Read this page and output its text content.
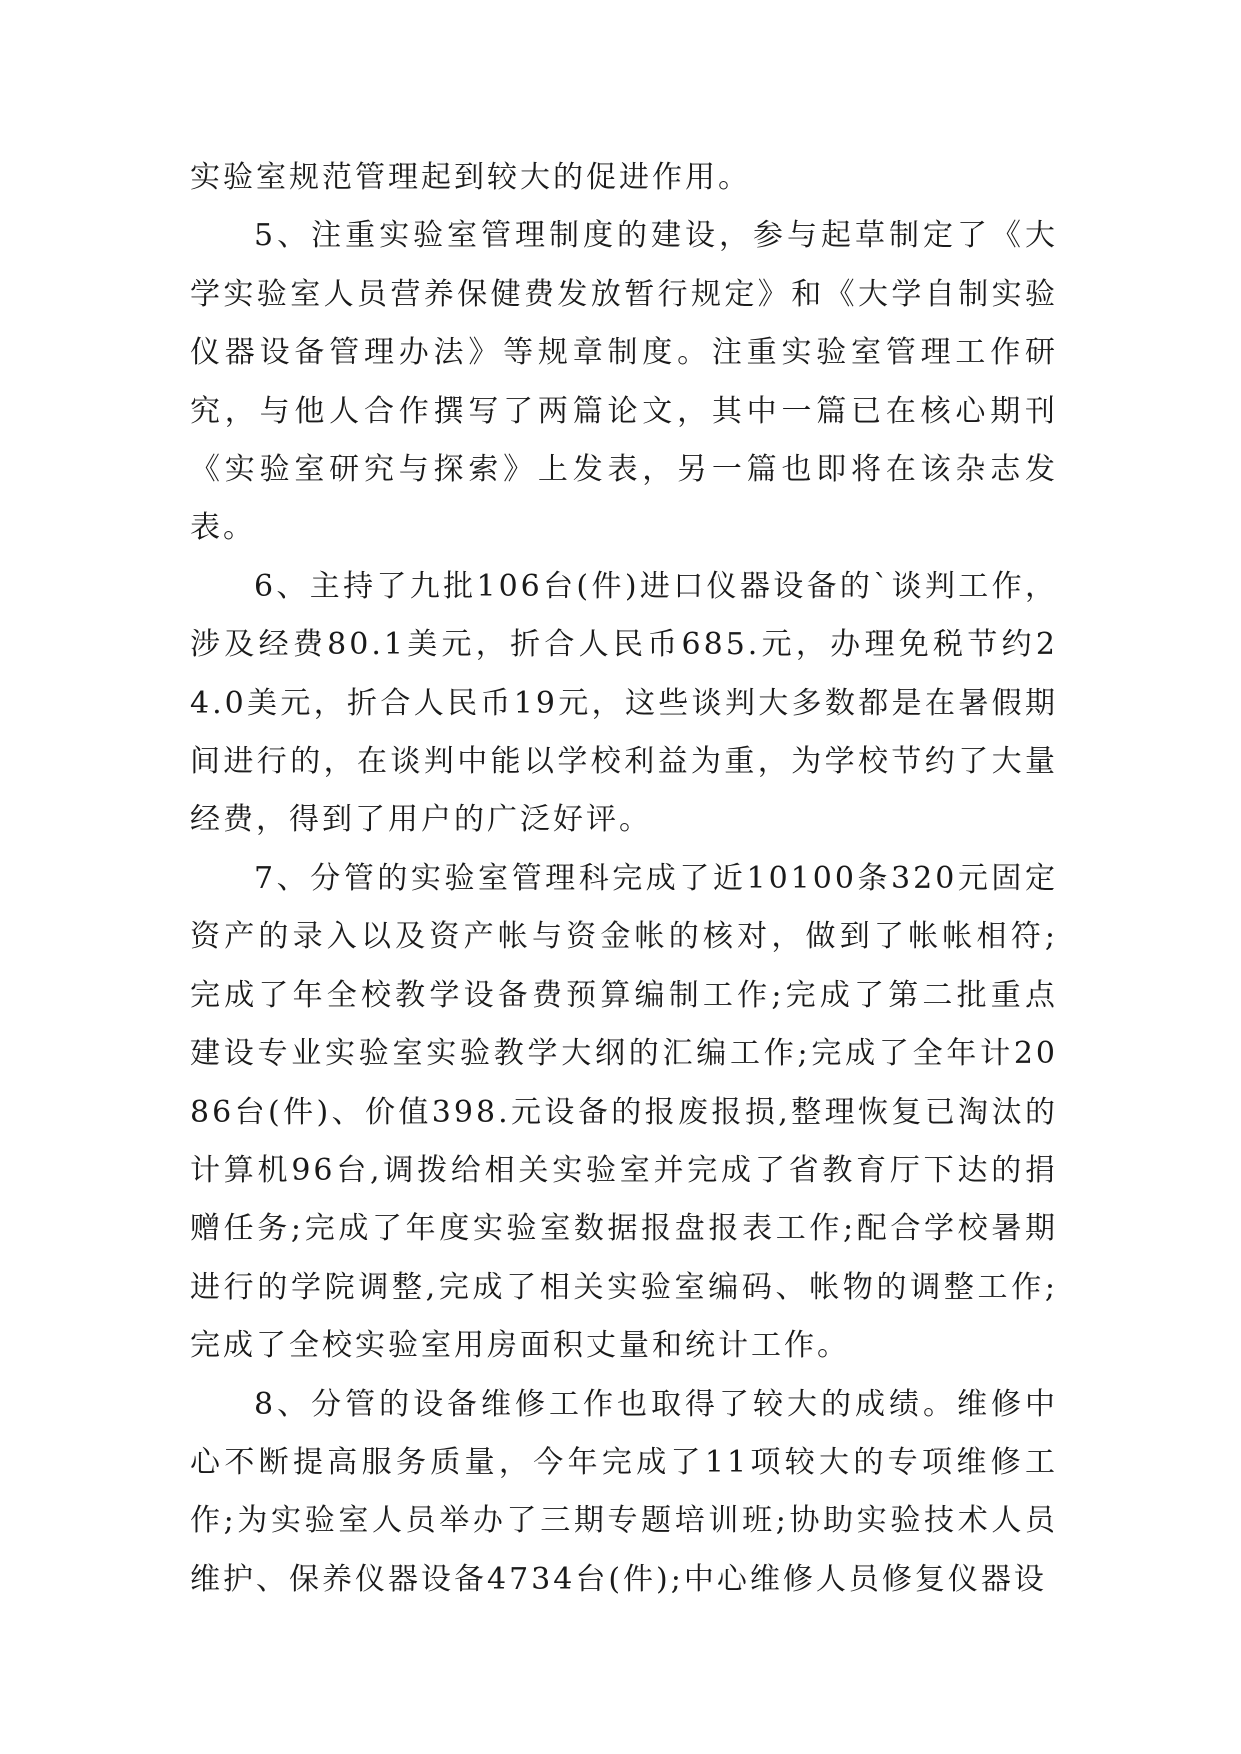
实验室规范管理起到较大的促进作用。

5、注重实验室管理制度的建设，参与起草制定了《大学实验室人员营养保健费发放暂行规定》和《大学自制实验仪器设备管理办法》等规章制度。注重实验室管理工作研究，与他人合作撰写了两篇论文，其中一篇已在核心期刊《实验室研究与探索》上发表，另一篇也即将在该杂志发表。

6、主持了九批106台(件)进口仪器设备的`谈判工作，涉及经费80.1美元，折合人民币685.元，办理免税节约24.0美元，折合人民币19元，这些谈判大多数都是在暑假期间进行的，在谈判中能以学校利益为重，为学校节约了大量经费，得到了用户的广泛好评。

7、分管的实验室管理科完成了近10100条320元固定资产的录入以及资产帐与资金帐的核对，做到了帐帐相符;完成了年全校教学设备费预算编制工作;完成了第二批重点建设专业实验室实验教学大纲的汇编工作;完成了全年计2086台(件)、价值398.元设备的报废报损,整理恢复已淘汰的计算机96台,调拨给相关实验室并完成了省教育厅下达的捐赠任务;完成了年度实验室数据报盘报表工作;配合学校暑期进行的学院调整,完成了相关实验室编码、帐物的调整工作;完成了全校实验室用房面积丈量和统计工作。

8、分管的设备维修工作也取得了较大的成绩。维修中心不断提高服务质量，今年完成了11项较大的专项维修工作;为实验室人员举办了三期专题培训班;协助实验技术人员维护、保养仪器设备4734台(件);中心维修人员修复仪器设
